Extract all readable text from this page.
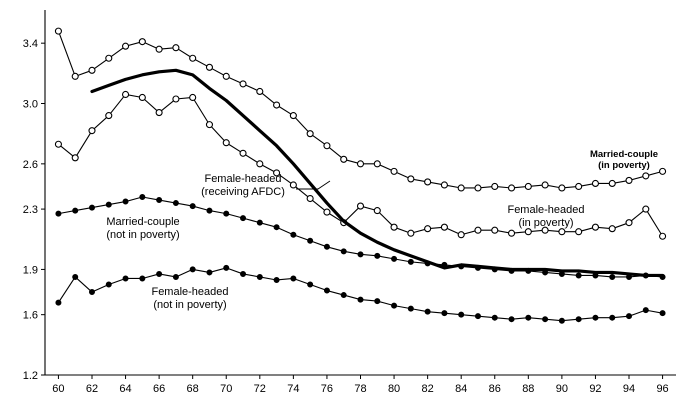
1.2
1.6
1.9
2.3
2.6
3.0
3.4
60 62 64 66 68 70 72 74 76 78 80 82 84 86 88 90 92 94 96
Female-headed (receiving AFDC)
Married-couple (not in poverty)
Female-headed (not in poverty)
Female-headed (in poverty)
Married-couple (in poverty)
